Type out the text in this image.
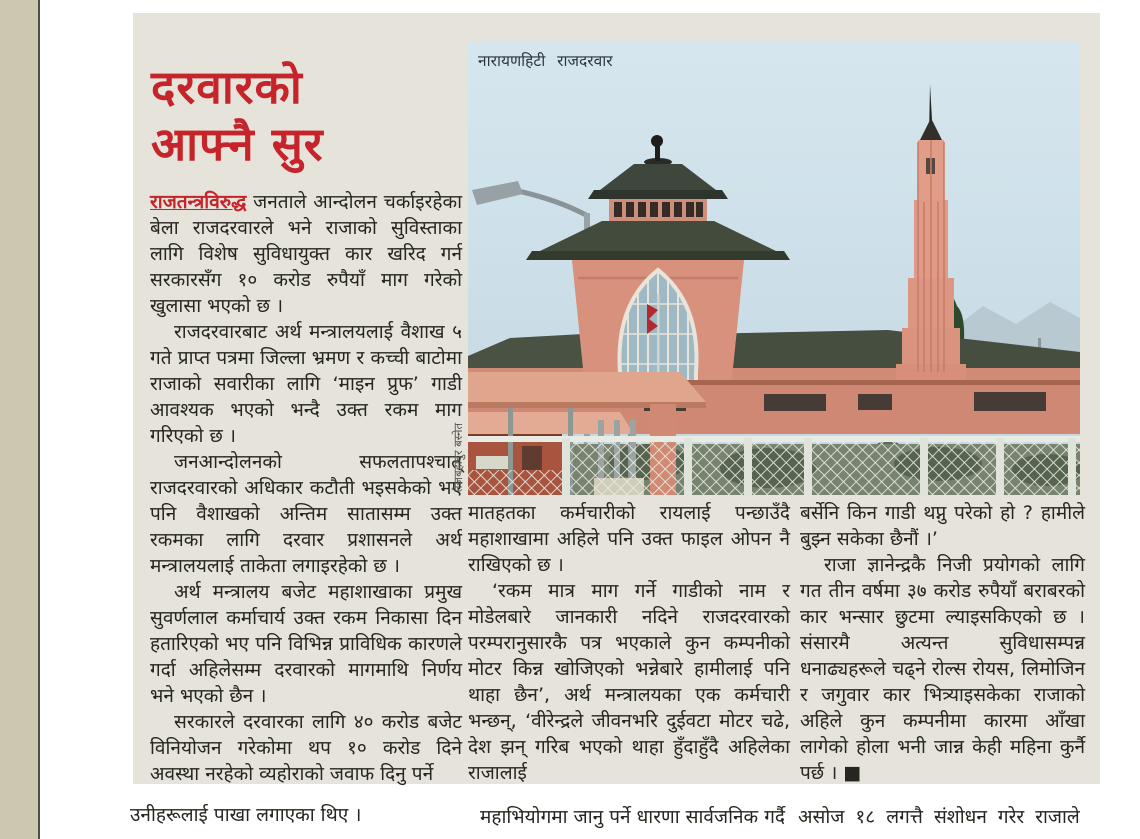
दरवारको
आफ्नै सुर

राजतन्त्रविरुद्ध जनताले आन्दोलन चर्काइरहेका बेला राजदरवारले भने राजाको सुविस्ताका लागि विशेष सुविधायुक्त कार खरिद गर्न सरकारसँग १० करोड रुपैयाँ माग गरेको खुलासा भएको छ ।

राजदरवारबाट अर्थ मन्त्रालयलाई वैशाख ५ गते प्राप्त पत्रमा जिल्ला भ्रमण र कच्ची बाटोमा राजाको सवारीका लागि ‘माइन प्रुफ’ गाडी आवश्यक भएको भन्दै उक्त रकम माग गरिएको छ ।

जनआन्दोलनको सफलतापश्चात् राजदरवारको अधिकार कटौती भइसकेको भए पनि वैशाखको अन्तिम सातासम्म उक्त रकमका लागि दरवार प्रशासनले अर्थ मन्त्रालयलाई ताकेता लगाइरहेको छ ।

अर्थ मन्त्रालय बजेट महाशाखाका प्रमुख सुवर्णलाल कर्माचार्य उक्त रकम निकासा दिन हतारिएको भए पनि विभिन्न प्राविधिक कारणले गर्दा अहिलेसम्म दरवारको मागमाथि निर्णय भने भएको छैन ।

सरकारले दरवारका लागि ४० करोड बजेट विनियोजन गरेकोमा थप १० करोड दिने अवस्था नरहेको व्यहोराको जवाफ दिनु पर्ने

नारायणहिटी राजदरवार
तेजबहादुर बस्नेत

मातहतका कर्मचारीको रायलाई पन्छाउँदै महाशाखामा अहिले पनि उक्त फाइल ओपन नै राखिएको छ ।

‘रकम मात्र माग गर्ने गाडीको नाम र मोडेलबारे जानकारी नदिने राजदरवारको परम्परानुसारकै पत्र भएकाले कुन कम्पनीको मोटर किन्न खोजिएको भन्नेबारे हामीलाई पनि थाहा छैन’, अर्थ मन्त्रालयका एक कर्मचारी भन्छन्, ‘वीरेन्द्रले जीवनभरि दुईवटा मोटर चढे, देश झन् गरिब भएको थाहा हुँदाहुँदै अहिलेका राजालाई

बर्सेनि किन गाडी थप्नु परेको हो ? हामीले बुझ्न सकेका छैनौं ।’

राजा ज्ञानेन्द्रकै निजी प्रयोगको लागि गत तीन वर्षमा ३७ करोड रुपैयाँ बराबरको कार भन्सार छुटमा ल्याइसकिएको छ । संसारमै अत्यन्त सुविधासम्पन्न धनाढ्यहरूले चढ्ने रोल्स रोयस, लिमोजिन र जगुवार कार भित्र्याइसकेका राजाको अहिले कुन कम्पनीमा कारमा आँखा लागेको होला भनी जान्न केही महिना कुर्नै पर्छ । ■

उनीहरूलाई पाखा लगाएका थिए ।	महाभियोगमा जानु पर्ने धारणा सार्वजनिक गर्दै असोज १८ लगत्तै संशोधन गरेर राजाले
